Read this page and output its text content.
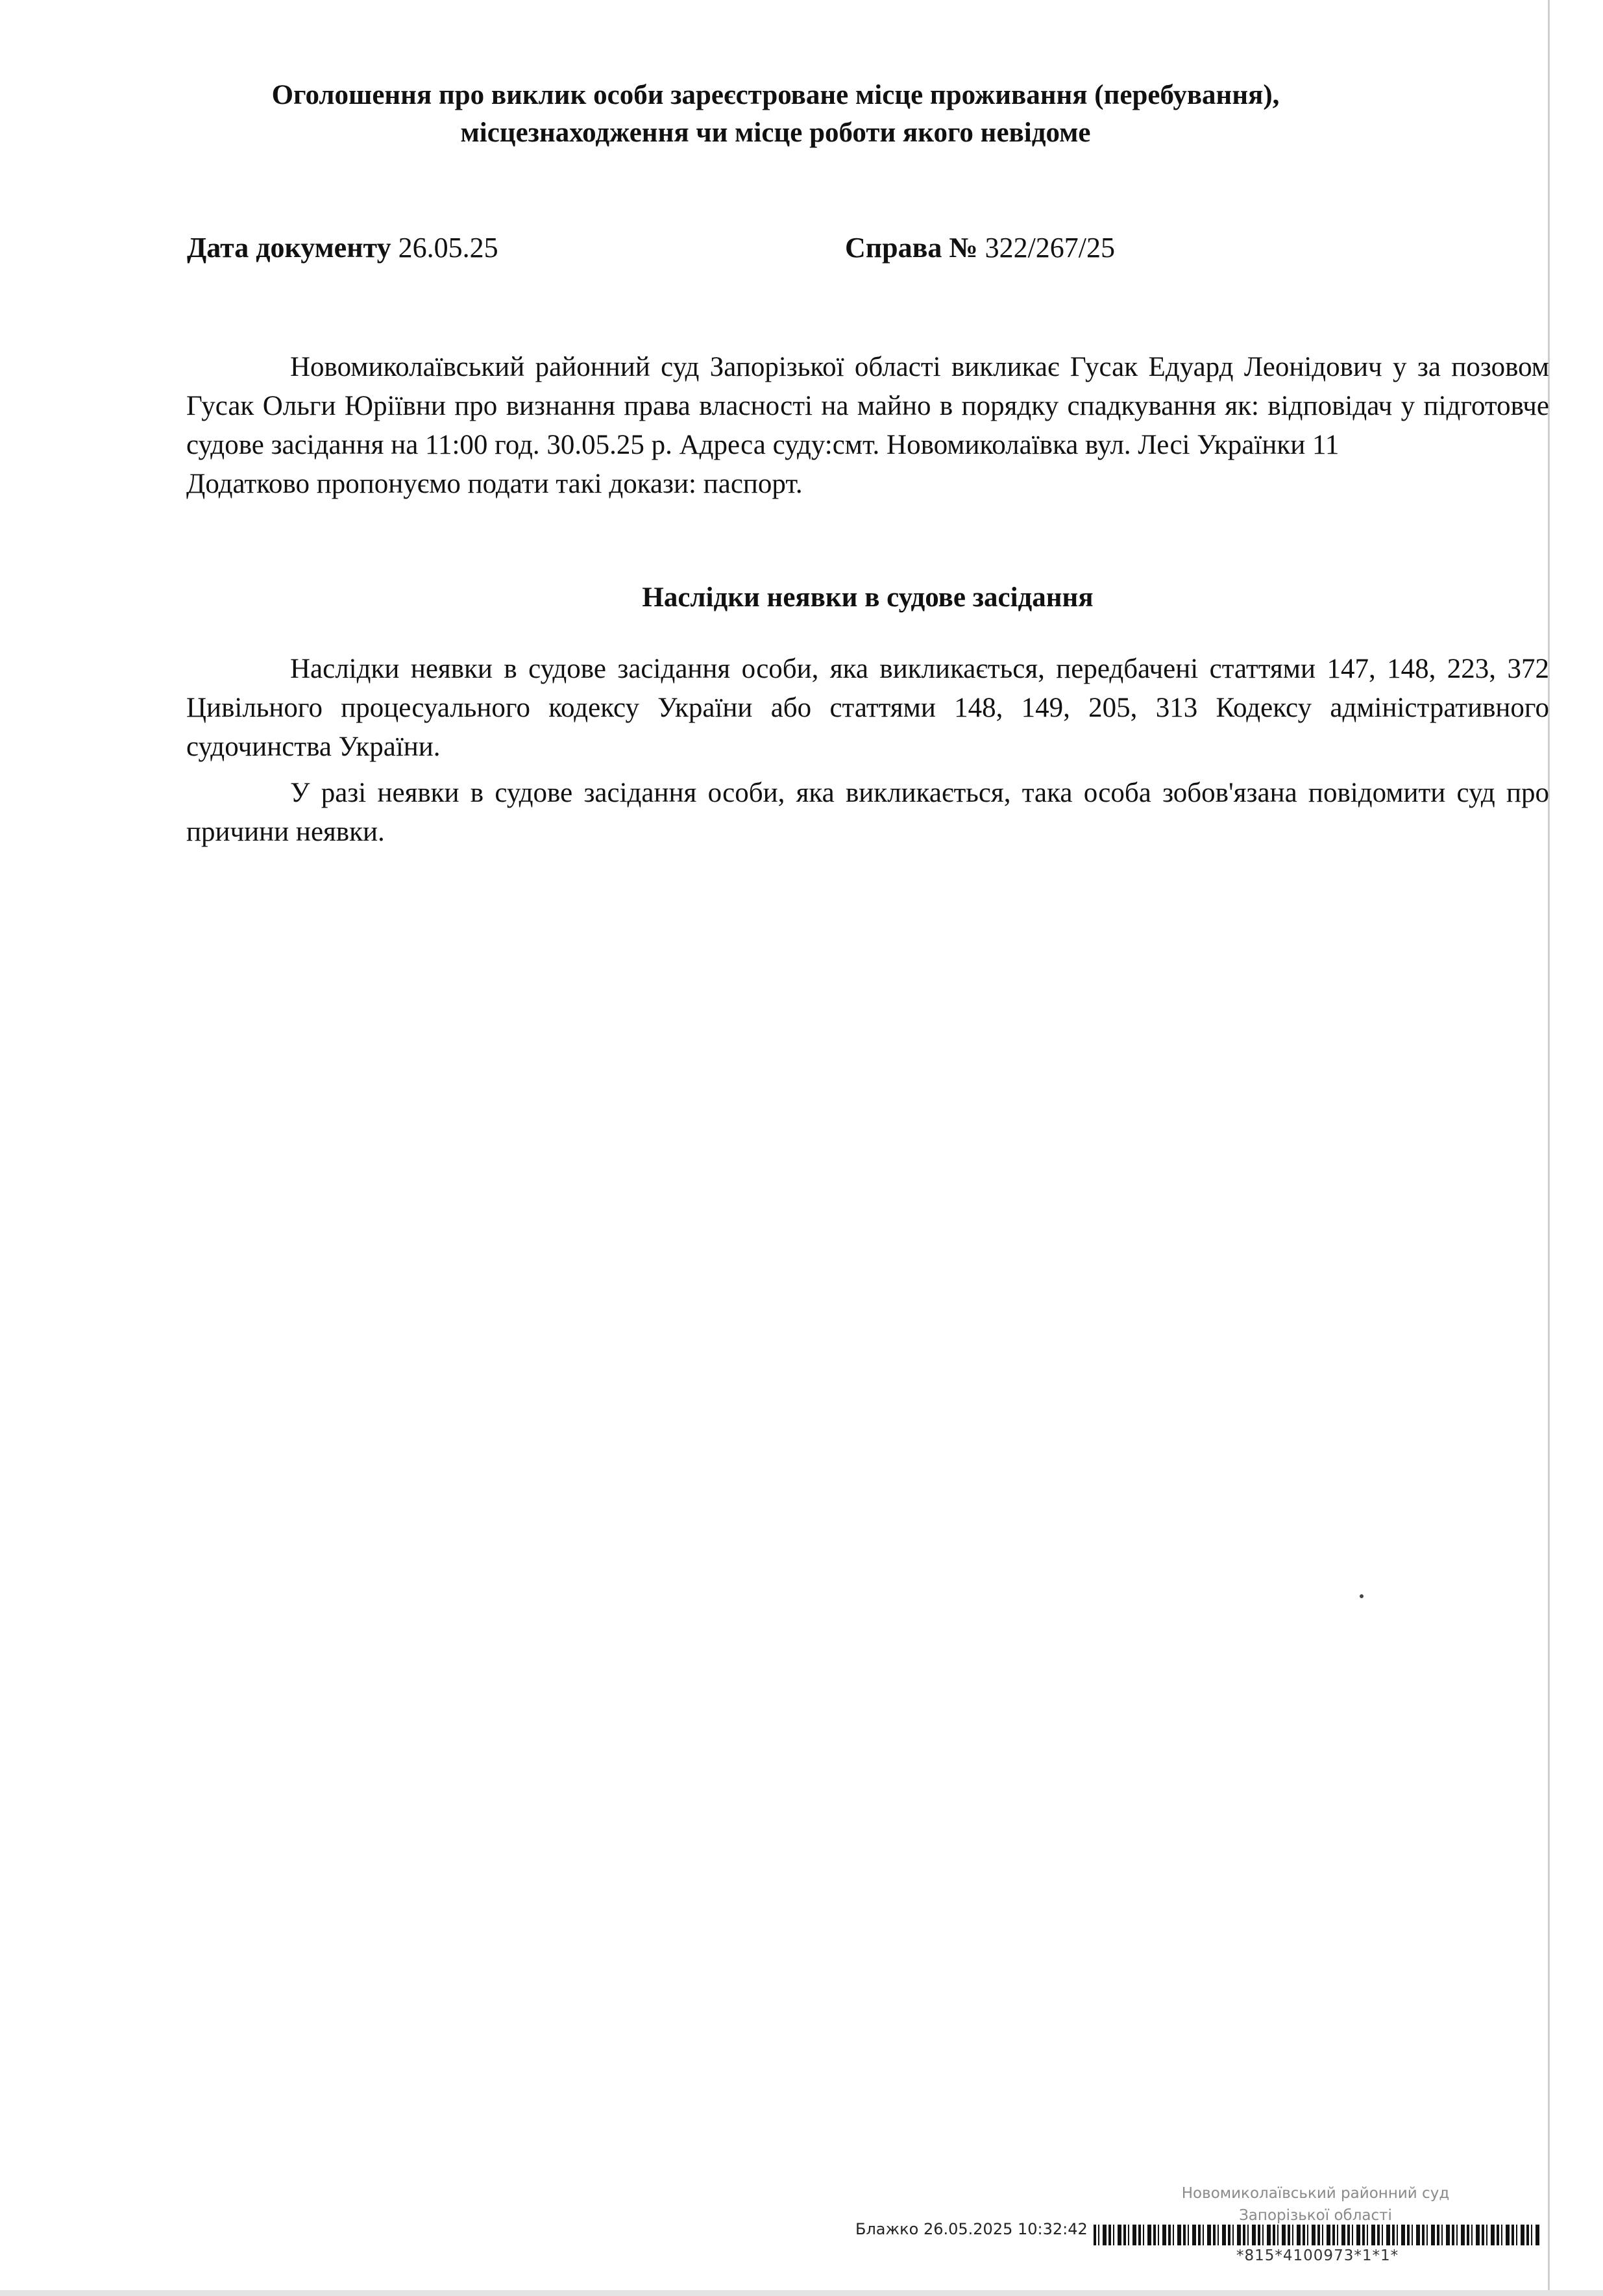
Оголошення про виклик особи зареєстроване місце проживання (перебування),
місцезнаходження чи місце роботи якого невідоме
Дата документу 26.05.25	Справа № 322/267/25

Новомиколаївський районний суд Запорізької області викликає Гусак Едуард Леонідович у за позовом Гусак Ольги Юріївни про визнання права власності на майно в порядку спадкування як: відповідач у підготовче судове засідання на 11:00 год. 30.05.25 р. Адреса суду:смт. Новомиколаївка вул. Лесі Українки 11

Додатково пропонуємо подати такі докази: паспорт.

Наслідки неявки в судове засідання

Наслідки неявки в судове засідання особи, яка викликається, передбачені статтями 147, 148, 223, 372 Цивільного процесуального кодексу України або статтями 148, 149, 205, 313 Кодексу адміністративного судочинства України.

У разі неявки в судове засідання особи, яка викликається, така особа зобов'язана повідомити суд про причини неявки.

Новомиколаївський районний суд
Запорізької області
Блажко 26.05.2025 10:32:42
*815*4100973*1*1*
